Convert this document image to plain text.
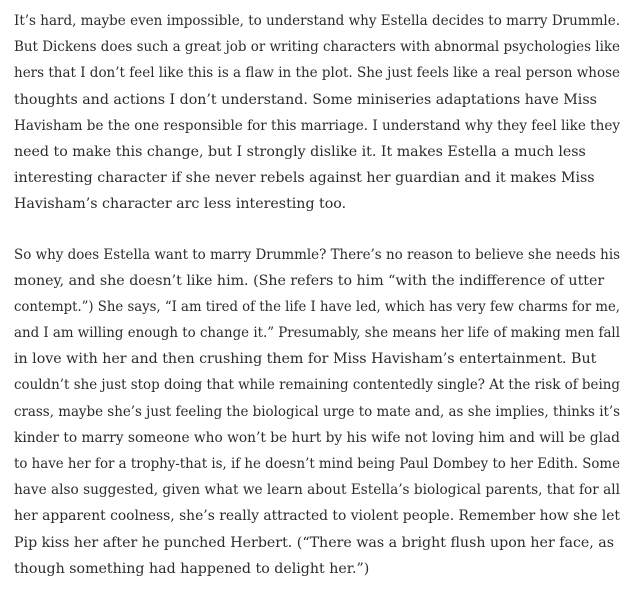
It’s hard, maybe even impossible, to understand why Estella decides to marry Drummle.
But Dickens does such a great job or writing characters with abnormal psychologies like
hers that I don’t feel like this is a flaw in the plot. She just feels like a real person whose
thoughts and actions I don’t understand. Some miniseries adaptations have Miss
Havisham be the one responsible for this marriage. I understand why they feel like they
need to make this change, but I strongly dislike it. It makes Estella a much less
interesting character if she never rebels against her guardian and it makes Miss
Havisham’s character arc less interesting too.

So why does Estella want to marry Drummle? There’s no reason to believe she needs his
money, and she doesn’t like him. (She refers to him “with the indifference of utter
contempt.”) She says, “I am tired of the life I have led, which has very few charms for me,
and I am willing enough to change it.” Presumably, she means her life of making men fall
in love with her and then crushing them for Miss Havisham’s entertainment. But
couldn’t she just stop doing that while remaining contentedly single? At the risk of being
crass, maybe she’s just feeling the biological urge to mate and, as she implies, thinks it’s
kinder to marry someone who won’t be hurt by his wife not loving him and will be glad
to have her for a trophy-that is, if he doesn’t mind being Paul Dombey to her Edith. Some
have also suggested, given what we learn about Estella’s biological parents, that for all
her apparent coolness, she’s really attracted to violent people. Remember how she let
Pip kiss her after he punched Herbert. (“There was a bright flush upon her face, as
though something had happened to delight her.”)
